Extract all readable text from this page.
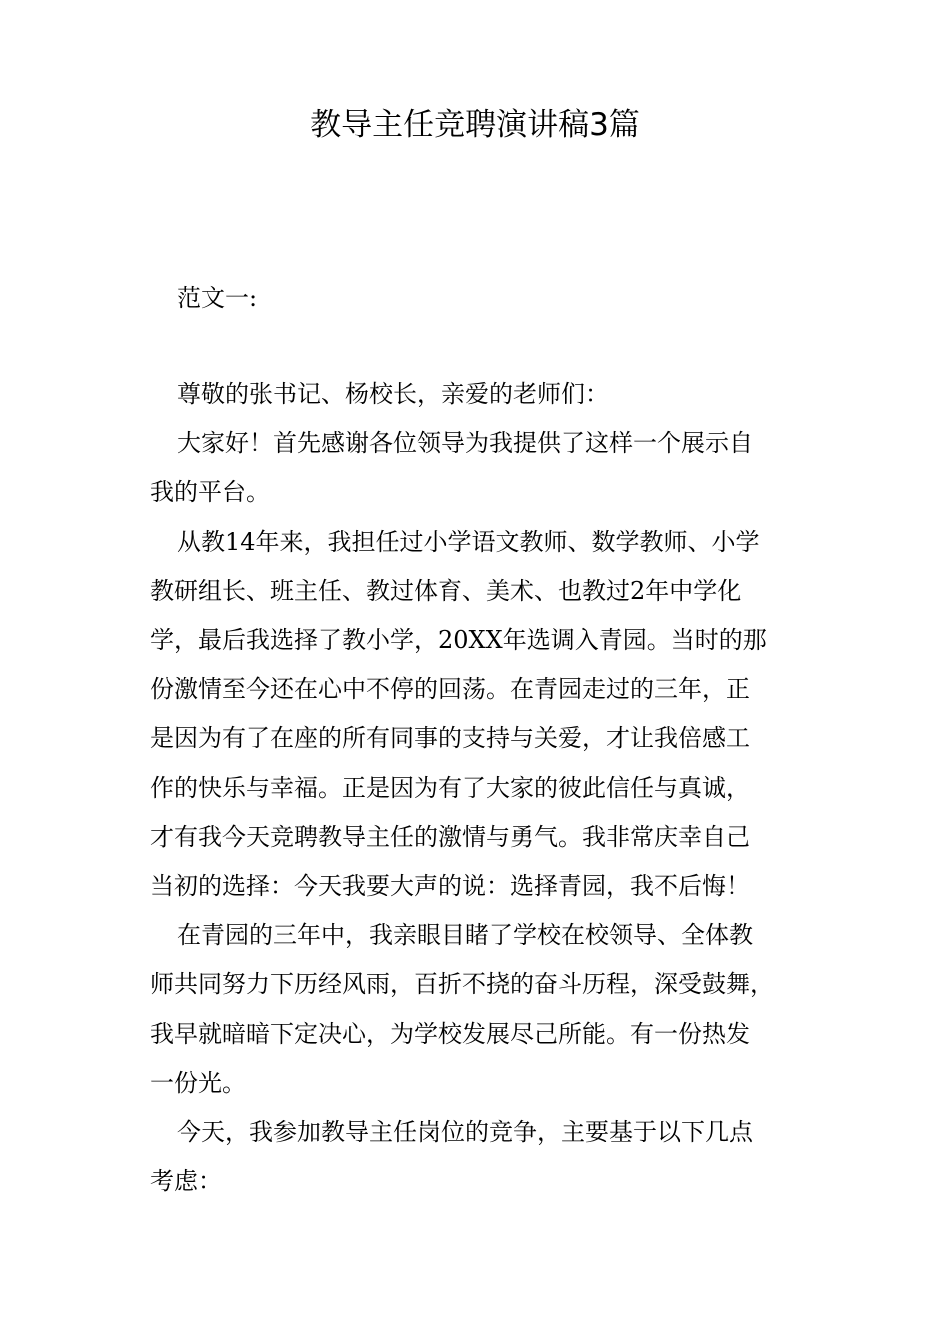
教导主任竞聘演讲稿3篇
范文一:

尊敬的张书记、杨校长，亲爱的老师们：

大家好！首先感谢各位领导为我提供了这样一个展示自
我的平台。

从教14年来，我担任过小学语文教师、数学教师、小学
教研组长、班主任、教过体育、美术、也教过2年中学化
学，最后我选择了教小学，20XX年选调入青园。当时的那
份激情至今还在心中不停的回荡。在青园走过的三年，正
是因为有了在座的所有同事的支持与关爱，才让我倍感工
作的快乐与幸福。正是因为有了大家的彼此信任与真诚，
才有我今天竞聘教导主任的激情与勇气。我非常庆幸自己
当初的选择：今天我要大声的说：选择青园，我不后悔！

在青园的三年中，我亲眼目睹了学校在校领导、全体教
师共同努力下历经风雨，百折不挠的奋斗历程，深受鼓舞，
我早就暗暗下定决心，为学校发展尽己所能。有一份热发
一份光。

今天，我参加教导主任岗位的竞争，主要基于以下几点
考虑：
